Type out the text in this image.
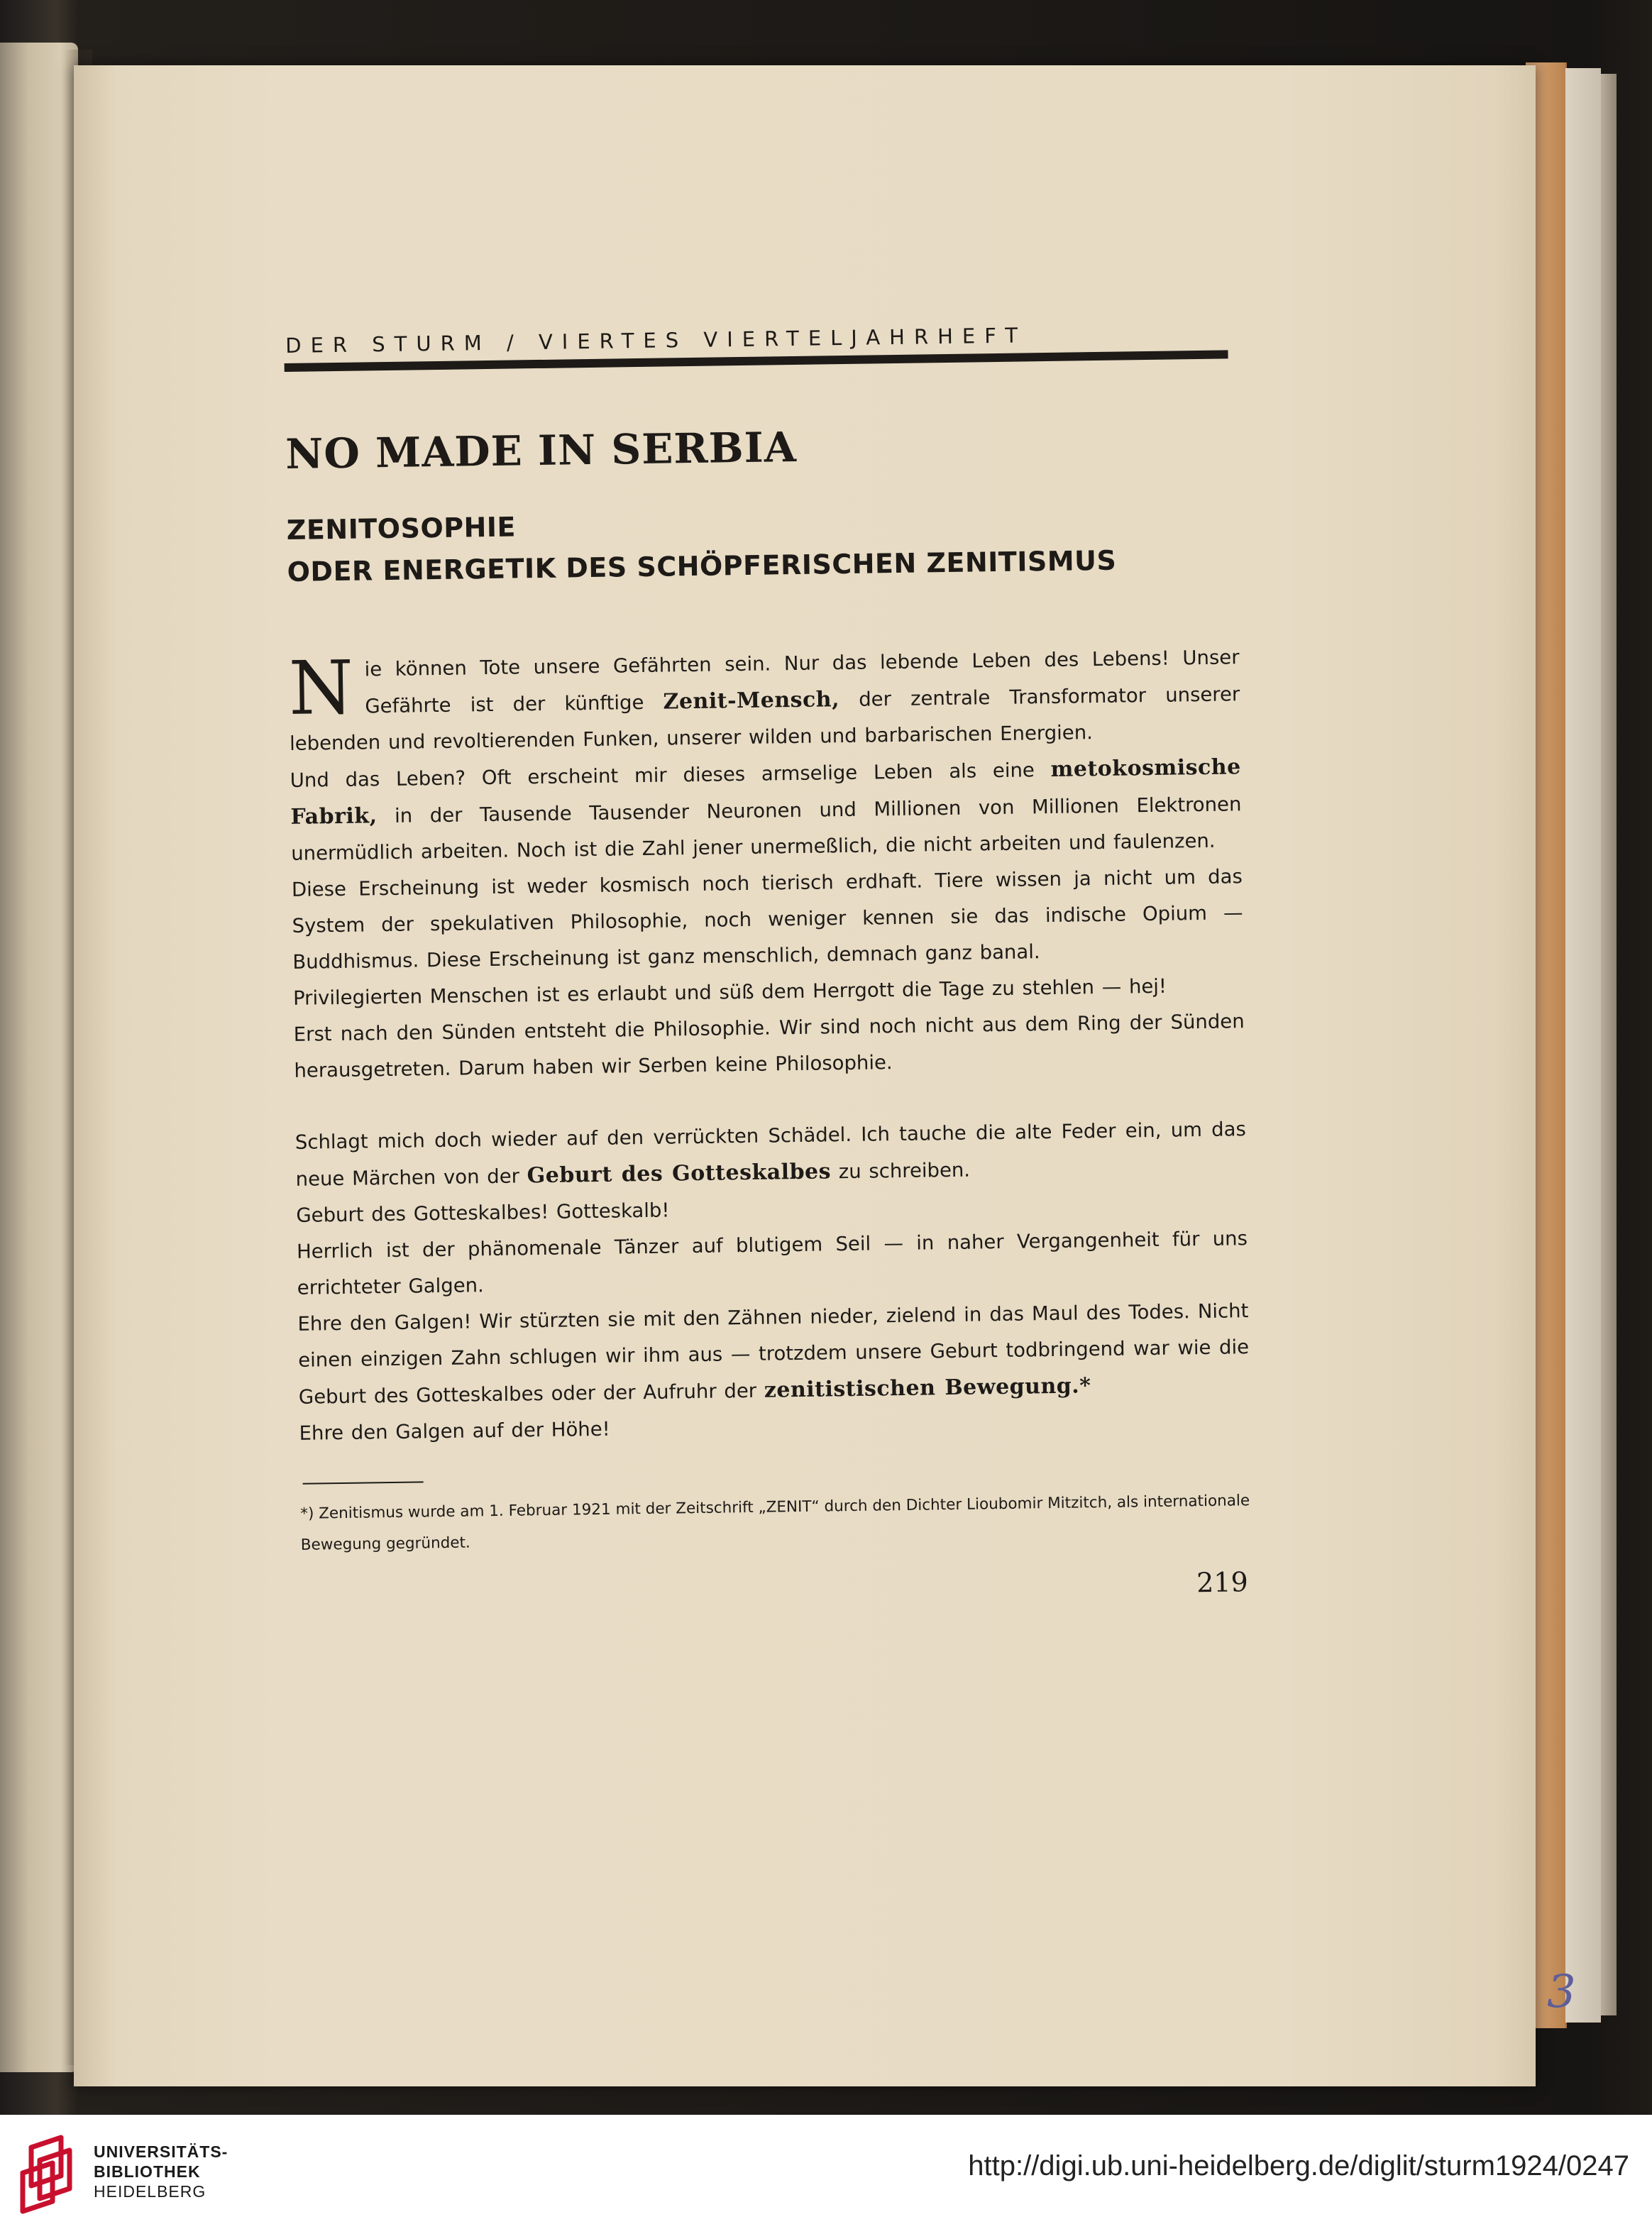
3
DER STURM / VIERTES VIERTELJAHRHEFT
NO MADE IN SERBIA
ZENITOSOPHIE
ODER ENERGETIK DES SCHÖPFERISCHEN ZENITISMUS

Nie können Tote unsere Gefährten sein. Nur das lebende Leben des Lebens! Unser Gefährte ist der künftige Zenit-Mensch, der zentrale Transformator unserer lebenden und revoltierenden Funken, unserer wilden und barbarischen Energien.

Und das Leben? Oft erscheint mir dieses armselige Leben als eine metokosmische Fabrik, in der Tausende Tausender Neuronen und Millionen von Millionen Elektronen unermüdlich arbeiten. Noch ist die Zahl jener unermeßlich, die nicht arbeiten und faulenzen.

Diese Erscheinung ist weder kosmisch noch tierisch erdhaft. Tiere wissen ja nicht um das System der spekulativen Philosophie, noch weniger kennen sie das indische Opium — Buddhismus. Diese Erscheinung ist ganz menschlich, demnach ganz banal.

Privilegierten Menschen ist es erlaubt und süß dem Herrgott die Tage zu stehlen — hej!

Erst nach den Sünden entsteht die Philosophie. Wir sind noch nicht aus dem Ring der Sünden herausgetreten. Darum haben wir Serben keine Philosophie.

Schlagt mich doch wieder auf den verrückten Schädel. Ich tauche die alte Feder ein, um das neue Märchen von der Geburt des Gotteskalbes zu schreiben.

Geburt des Gotteskalbes! Gotteskalb!

Herrlich ist der phänomenale Tänzer auf blutigem Seil — in naher Vergangenheit für uns errichteter Galgen.

Ehre den Galgen! Wir stürzten sie mit den Zähnen nieder, zielend in das Maul des Todes. Nicht einen einzigen Zahn schlugen wir ihm aus — trotzdem unsere Geburt todbringend war wie die Geburt des Gotteskalbes oder der Aufruhr der zenitistischen Bewegung.*

Ehre den Galgen auf der Höhe!

*) Zenitismus wurde am 1. Februar 1921 mit der Zeitschrift „ZENIT“ durch den Dichter Lioubomir Mitzitch, als internationale Bewegung gegründet.

219
UNIVERSITÄTS-
BIBLIOTHEK
HEIDELBERG
http://digi.ub.uni-heidelberg.de/diglit/sturm1924/0247
